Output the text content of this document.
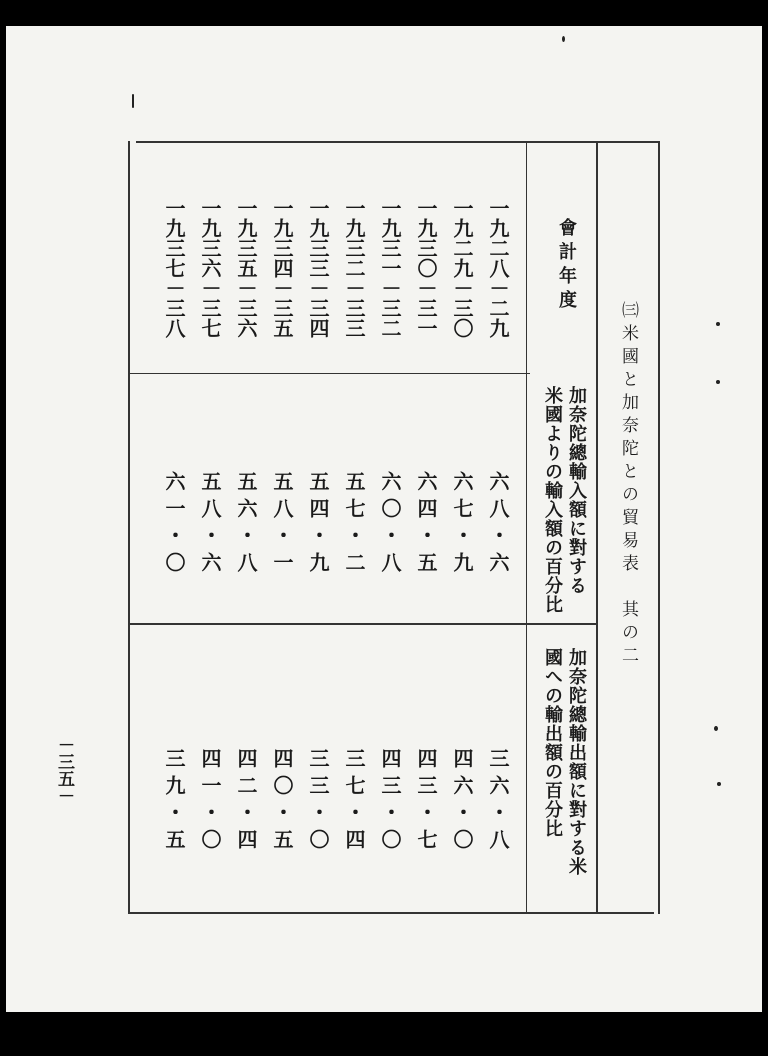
－三五－
㈢米國と加奈陀との貿易表　其の二
會計年度
加奈陀總輸入額に對する
米國よりの輸入額の百分比
加奈陀總輸出額に對する米
國への輸出額の百分比
一九二八－二九
一九二九－三〇
一九三〇－三一
一九三一－三二
一九三二－三三
一九三三－三四
一九三四－三五
一九三五－三六
一九三六－三七
一九三七－三八
六八・六
六七・九
六四・五
六〇・八
五七・二
五四・九
五八・一
五六・八
五八・六
六一・〇
三六・八
四六・〇
四三・七
四三・〇
三七・四
三三・〇
四〇・五
四二・四
四一・〇
三九・五
